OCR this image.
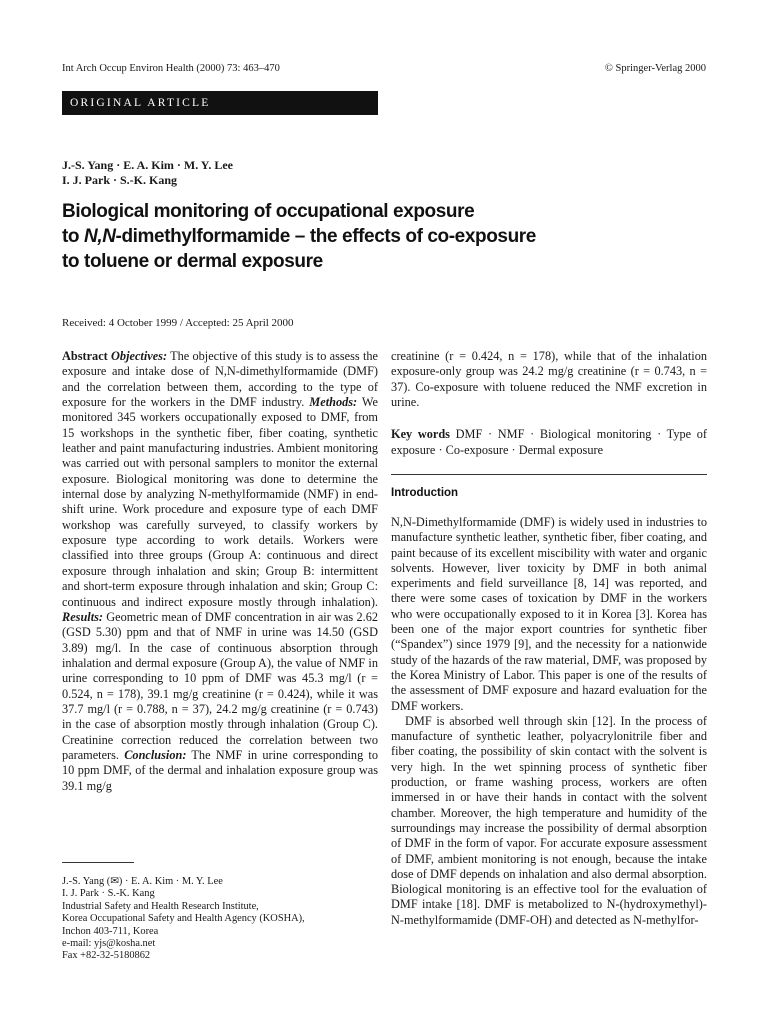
Int Arch Occup Environ Health (2000) 73: 463–470	© Springer-Verlag 2000
ORIGINAL ARTICLE
J.-S. Yang · E. A. Kim · M. Y. Lee
I. J. Park · S.-K. Kang
Biological monitoring of occupational exposure
to N,N-dimethylformamide – the effects of co-exposure
to toluene or dermal exposure
Received: 4 October 1999 / Accepted: 25 April 2000

Abstract Objectives: The objective of this study is to assess the exposure and intake dose of N,N-dimethylformamide (DMF) and the correlation between them, according to the type of exposure for the workers in the DMF industry. Methods: We monitored 345 workers occupationally exposed to DMF, from 15 workshops in the synthetic fiber, fiber coating, synthetic leather and paint manufacturing industries. Ambient monitoring was carried out with personal samplers to monitor the external exposure. Biological monitoring was done to determine the internal dose by analyzing N-methylformamide (NMF) in end-shift urine. Work procedure and exposure type of each DMF workshop was carefully surveyed, to classify workers by exposure type according to work details. Workers were classified into three groups (Group A: continuous and direct exposure through inhalation and skin; Group B: intermittent and short-term exposure through inhalation and skin; Group C: continuous and indirect exposure mostly through inhalation). Results: Geometric mean of DMF concentration in air was 2.62 (GSD 5.30) ppm and that of NMF in urine was 14.50 (GSD 3.89) mg/l. In the case of continuous absorption through inhalation and dermal exposure (Group A), the value of NMF in urine corresponding to 10 ppm of DMF was 45.3 mg/l (r = 0.524, n = 178), 39.1 mg/g creatinine (r = 0.424), while it was 37.7 mg/l (r = 0.788, n = 37), 24.2 mg/g creatinine (r = 0.743) in the case of absorption mostly through inhalation (Group C). Creatinine correction reduced the correlation between two parameters. Conclusion: The NMF in urine corresponding to 10 ppm DMF, of the dermal and inhalation exposure group was 39.1 mg/g

creatinine (r = 0.424, n = 178), while that of the inhalation exposure-only group was 24.2 mg/g creatinine (r = 0.743, n = 37). Co-exposure with toluene reduced the NMF excretion in urine.

Key words DMF · NMF · Biological monitoring · Type of exposure · Co-exposure · Dermal exposure

Introduction

N,N-Dimethylformamide (DMF) is widely used in industries to manufacture synthetic leather, synthetic fiber, fiber coating, and paint because of its excellent miscibility with water and organic solvents. However, liver toxicity by DMF in both animal experiments and field surveillance [8, 14] was reported, and there were some cases of toxication by DMF in the workers who were occupationally exposed to it in Korea [3]. Korea has been one of the major export countries for synthetic fiber (“Spandex”) since 1979 [9], and the necessity for a nationwide study of the hazards of the raw material, DMF, was proposed by the Korea Ministry of Labor. This paper is one of the results of the assessment of DMF exposure and hazard evaluation for the DMF workers.

DMF is absorbed well through skin [12]. In the process of manufacture of synthetic leather, polyacrylonitrile fiber and fiber coating, the possibility of skin contact with the solvent is very high. In the wet spinning process of synthetic fiber production, or frame washing process, workers are often immersed in or have their hands in contact with the solvent chamber. Moreover, the high temperature and humidity of the surroundings may increase the possibility of dermal absorption of DMF in the form of vapor. For accurate exposure assessment of DMF, ambient monitoring is not enough, because the intake dose of DMF depends on inhalation and also dermal absorption. Biological monitoring is an effective tool for the evaluation of DMF intake [18]. DMF is metabolized to N-(hydroxymethyl)-N-methylformamide (DMF-OH) and detected as N-methylfor-

J.-S. Yang (✉) · E. A. Kim · M. Y. Lee
I. J. Park · S.-K. Kang
Industrial Safety and Health Research Institute,
Korea Occupational Safety and Health Agency (KOSHA),
Inchon 403-711, Korea
e-mail: yjs@kosha.net
Fax +82-32-5180862
